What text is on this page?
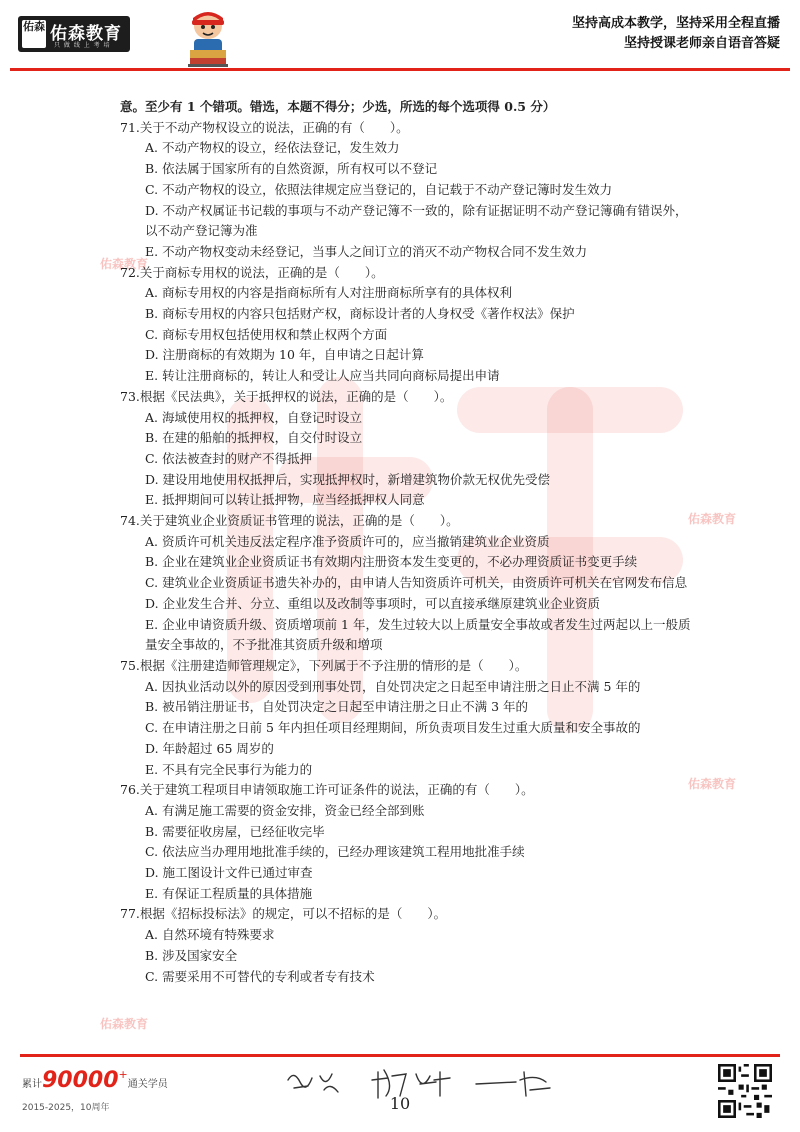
佑森 佑森教育
只 做 线 上 考 培
坚持高成本教学，坚持采用全程直播
坚持授课老师亲自语音答疑
佑森教育
佑森教育
佑森教育
佑森教育
意。至少有 1 个错项。错选，本题不得分；少选，所选的每个选项得 0.5 分）
71.关于不动产物权设立的说法，正确的有（　　）。
A. 不动产物权的设立，经依法登记，发生效力
B. 依法属于国家所有的自然资源，所有权可以不登记
C. 不动产物权的设立，依照法律规定应当登记的，自记载于不动产登记簿时发生效力
D. 不动产权属证书记载的事项与不动产登记簿不一致的，除有证据证明不动产登记簿确有错误外，以不动产登记簿为准
E. 不动产物权变动未经登记，当事人之间订立的消灭不动产物权合同不发生效力
72.关于商标专用权的说法，正确的是（　　）。
A. 商标专用权的内容是指商标所有人对注册商标所享有的具体权利
B. 商标专用权的内容只包括财产权，商标设计者的人身权受《著作权法》保护
C. 商标专用权包括使用权和禁止权两个方面
D. 注册商标的有效期为 10 年，自申请之日起计算
E. 转让注册商标的，转让人和受让人应当共同向商标局提出申请
73.根据《民法典》，关于抵押权的说法，正确的是（　　）。
A. 海域使用权的抵押权，自登记时设立
B. 在建的船舶的抵押权，自交付时设立
C. 依法被查封的财产不得抵押
D. 建设用地使用权抵押后，实现抵押权时，新增建筑物价款无权优先受偿
E. 抵押期间可以转让抵押物，应当经抵押权人同意
74.关于建筑业企业资质证书管理的说法，正确的是（　　）。
A. 资质许可机关违反法定程序准予资质许可的，应当撤销建筑业企业资质
B. 企业在建筑业企业资质证书有效期内注册资本发生变更的，不必办理资质证书变更手续
C. 建筑业企业资质证书遗失补办的，由申请人告知资质许可机关，由资质许可机关在官网发布信息
D. 企业发生合并、分立、重组以及改制等事项时，可以直接承继原建筑业企业资质
E. 企业申请资质升级、资质增项前 1 年，发生过较大以上质量安全事故或者发生过两起以上一般质量安全事故的，不予批准其资质升级和增项
75.根据《注册建造师管理规定》，下列属于不予注册的情形的是（　　）。
A. 因执业活动以外的原因受到刑事处罚，自处罚决定之日起至申请注册之日止不满 5 年的
B. 被吊销注册证书，自处罚决定之日起至申请注册之日止不满 3 年的
C. 在申请注册之日前 5 年内担任项目经理期间，所负责项目发生过重大质量和安全事故的
D. 年龄超过 65 周岁的
E. 不具有完全民事行为能力的
76.关于建筑工程项目申请领取施工许可证条件的说法，正确的有（　　）。
A. 有满足施工需要的资金安排，资金已经全部到账
B. 需要征收房屋，已经征收完毕
C. 依法应当办理用地批准手续的，已经办理该建筑工程用地批准手续
D. 施工图设计文件已通过审查
E. 有保证工程质量的具体措施
77.根据《招标投标法》的规定，可以不招标的是（　　）。
A. 自然环境有特殊要求
B. 涉及国家安全
C. 需要采用不可替代的专利或者专有技术
累计90000+通关学员
2015-2025，10周年	10
